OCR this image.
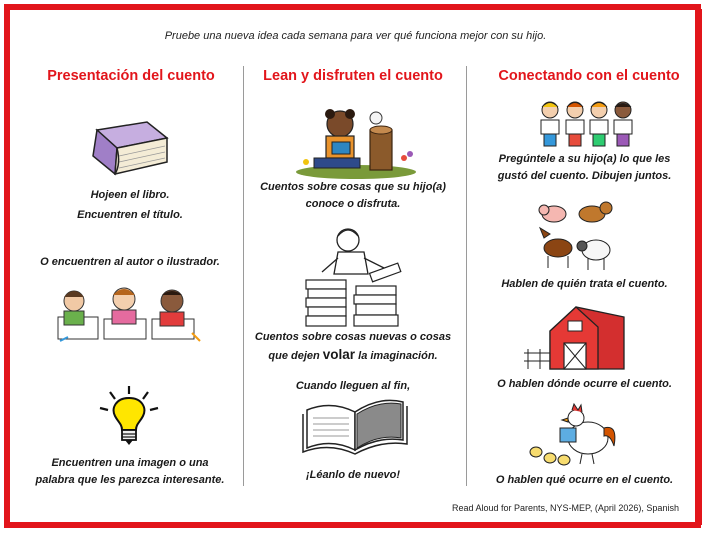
Pruebe una nueva idea cada semana para ver qué funciona mejor con su hijo.
Presentación del cuento	Lean y disfruten el cuento	Conectando con el cuento
Hojeen el libro.
Encuentren el título.
O encuentren al autor o ilustrador.
Encuentren una imagen o una
palabra que les parezca interesante.
Cuentos sobre cosas que su hijo(a)
conoce o disfruta.
Cuentos sobre cosas nuevas o cosas
que dejen volar la imaginación.
Cuando lleguen al fin,
¡Léanlo de nuevo!
Pregúntele a su hijo(a) lo que les
gustó del cuento. Dibujen juntos.
Hablen de quién trata el cuento.
O hablen dónde ocurre el cuento.
O hablen qué ocurre en el cuento.
Read Aloud for Parents, NYS-MEP, (April 2026), Spanish
